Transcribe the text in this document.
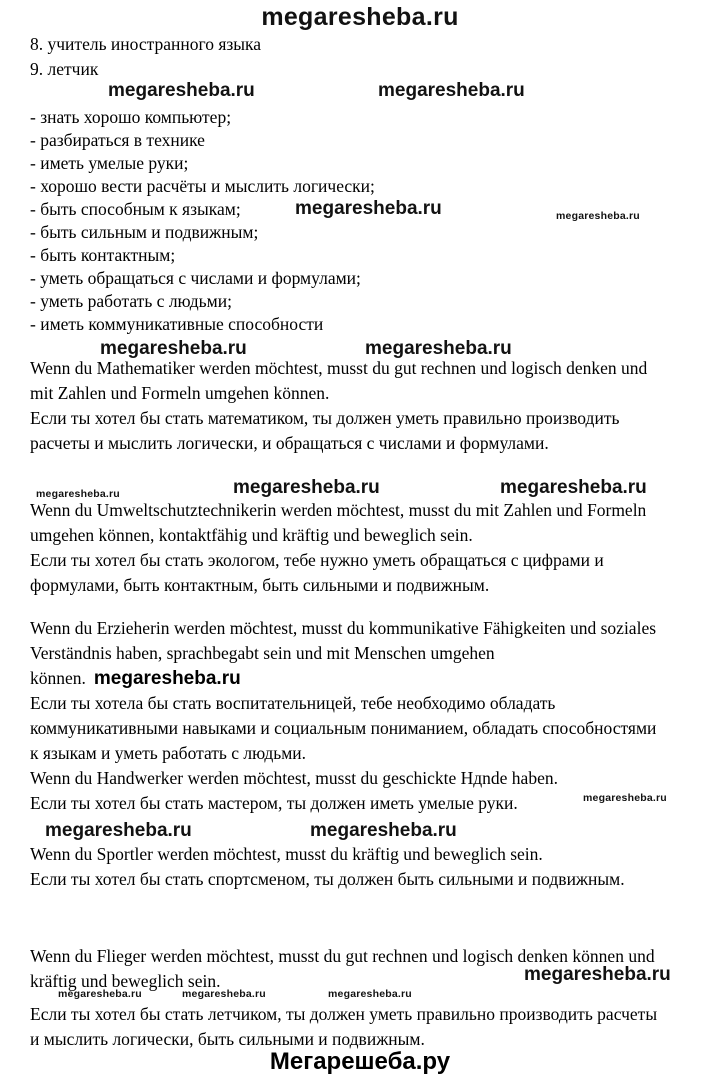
megaresheba.ru
8. учитель иностранного языка
9. летчик
- знать хорошо компьютер;
- разбираться в технике
- иметь умелые руки;
- хорошо вести расчёты и мыслить логически;
- быть способным к языкам;
- быть сильным и подвижным;
- быть контактным;
- уметь обращаться с числами и формулами;
- уметь работать с людьми;
- иметь коммуникативные способности
Wenn du Mathematiker werden möchtest, musst du gut rechnen und logisch denken und mit Zahlen und Formeln umgehen können.
Если ты хотел бы стать математиком, ты должен уметь правильно производить расчеты и мыслить логически, и обращаться с числами и формулами.
Wenn du Umweltschutztechnikerin werden möchtest, musst du mit Zahlen und Formeln umgehen können, kontaktfähig und kräftig und beweglich sein.
Если ты хотел бы стать экологом, тебе нужно уметь обращаться с цифрами и формулами, быть контактным, быть сильными и подвижным.
Wenn du Erzieherin werden möchtest, musst du kommunikative Fähigkeiten und soziales Verständnis haben, sprachbegabt sein und mit Menschen umgehen können. megaresheba.ru
Если ты хотела бы стать воспитательницей, тебе необходимо обладать коммуникативными навыками и социальным пониманием, обладать способностями к языкам и уметь работать с людьми.
Wenn du Handwerker werden möchtest, musst du geschickte Hдnde haben.
Если ты хотел бы стать мастером, ты должен иметь умелые руки.
Wenn du Sportler werden möchtest, musst du kräftig und beweglich sein.
Если ты хотел бы стать спортсменом, ты должен быть сильными и подвижным.
Wenn du Flieger werden möchtest, musst du gut rechnen und logisch denken können und kräftig und beweglich sein.
Если ты хотел бы стать летчиком, ты должен уметь правильно производить расчеты и мыслить логически, быть сильными и подвижным.
Мегарешеба.ру
megaresheba.ru	megaresheba.ru
megaresheba.ru	megaresheba.ru
megaresheba.ru	megaresheba.ru
megaresheba.ru	megaresheba.ru	megaresheba.ru
megaresheba.ru
megaresheba.ru	megaresheba.ru
megaresheba.ru
megaresheba.ru	megaresheba.ru	megaresheba.ru
